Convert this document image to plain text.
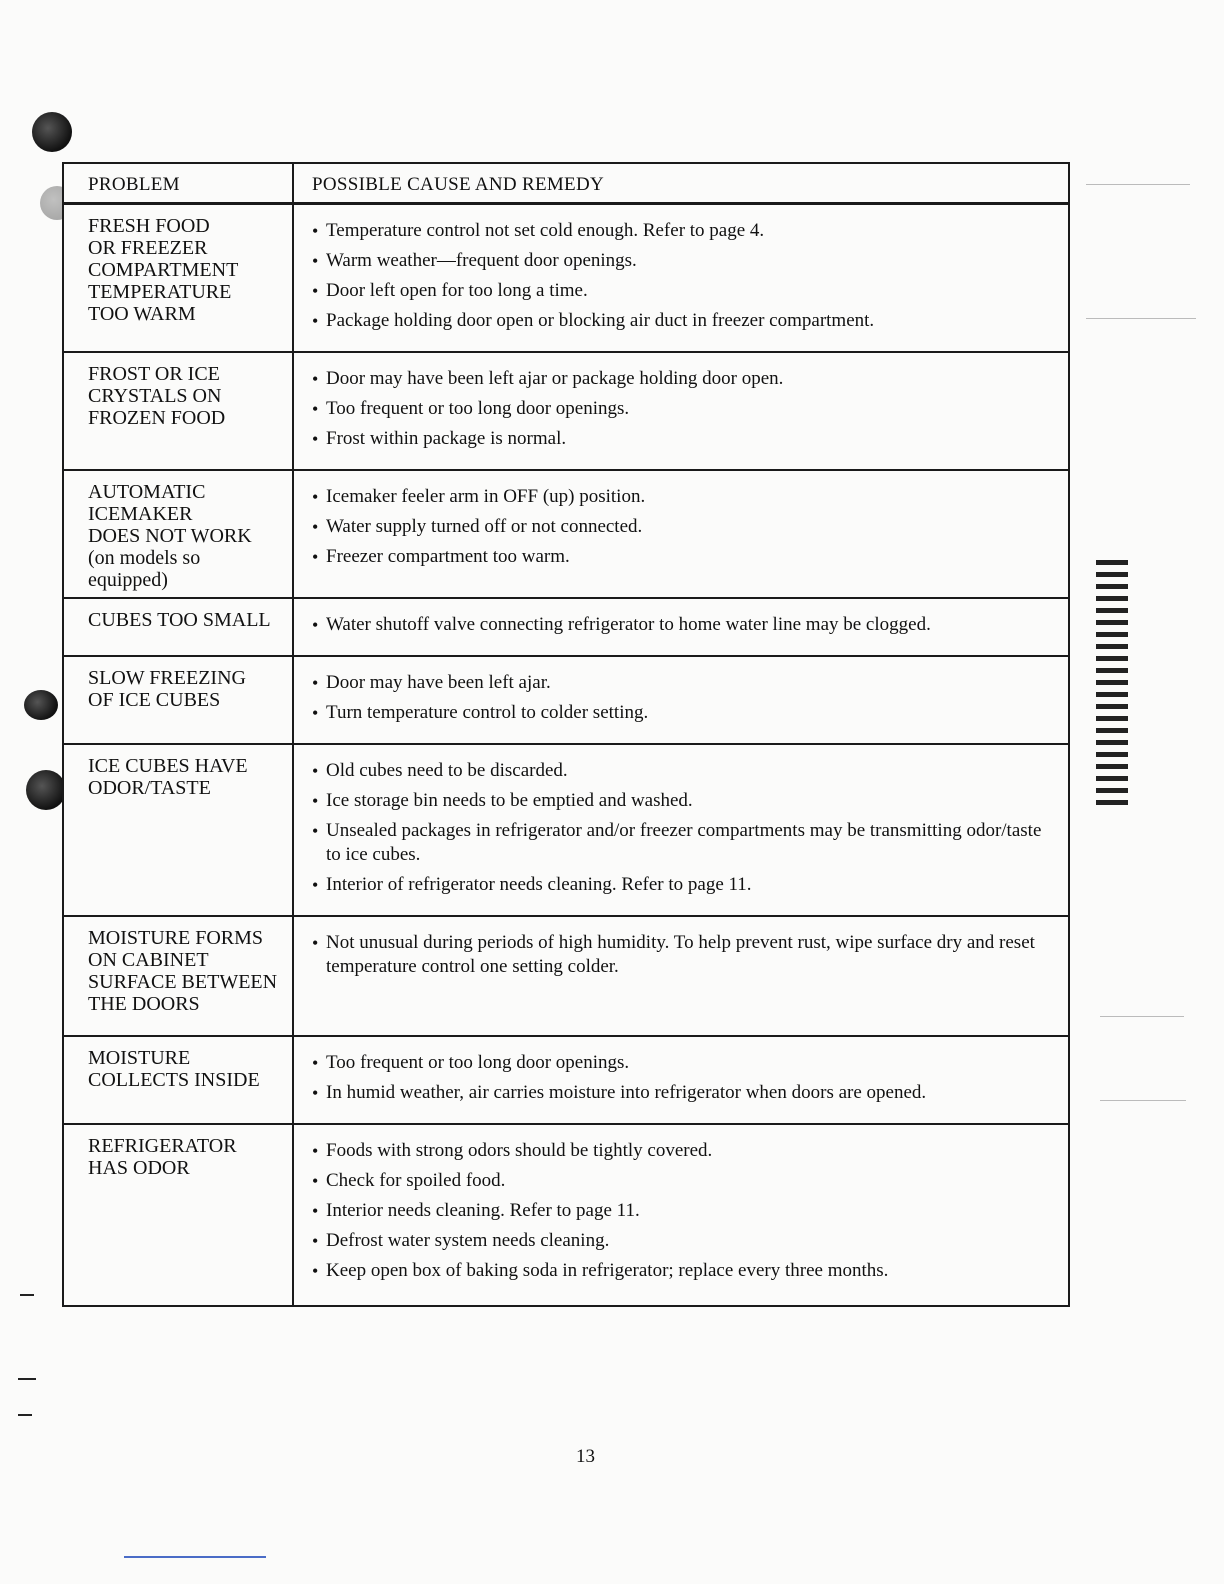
PROBLEM	POSSIBLE CAUSE AND REMEDY
FRESH FOOD
OR FREEZER
COMPARTMENT
TEMPERATURE
TOO WARM
• Temperature control not set cold enough. Refer to page 4.
• Warm weather—frequent door openings.
• Door left open for too long a time.
• Package holding door open or blocking air duct in freezer compartment.
FROST OR ICE
CRYSTALS ON
FROZEN FOOD
• Door may have been left ajar or package holding door open.
• Too frequent or too long door openings.
• Frost within package is normal.
AUTOMATIC
ICEMAKER
DOES NOT WORK
(on models so equipped)
• Icemaker feeler arm in OFF (up) position.
• Water supply turned off or not connected.
• Freezer compartment too warm.
CUBES TOO SMALL
•	Water shutoff valve connecting refrigerator to home water line may be clogged.
SLOW FREEZING
OF ICE CUBES
• Door may have been left ajar.
• Turn temperature control to colder setting.
ICE CUBES HAVE
ODOR/TASTE
• Old cubes need to be discarded.
• Ice storage bin needs to be emptied and washed.
• Unsealed packages in refrigerator and/or freezer compartments may be transmitting odor/taste to ice cubes.
• Interior of refrigerator needs cleaning. Refer to page 11.
MOISTURE FORMS
ON CABINET
SURFACE BETWEEN
THE DOORS
• Not unusual during periods of high humidity. To help prevent rust, wipe surface dry and reset temperature control one setting colder.
MOISTURE
COLLECTS INSIDE
• Too frequent or too long door openings.
• In humid weather, air carries moisture into refrigerator when doors are opened.
REFRIGERATOR
HAS ODOR
• Foods with strong odors should be tightly covered.
• Check for spoiled food.
• Interior needs cleaning. Refer to page 11.
• Defrost water system needs cleaning.
• Keep open box of baking soda in refrigerator; replace every three months.
13
